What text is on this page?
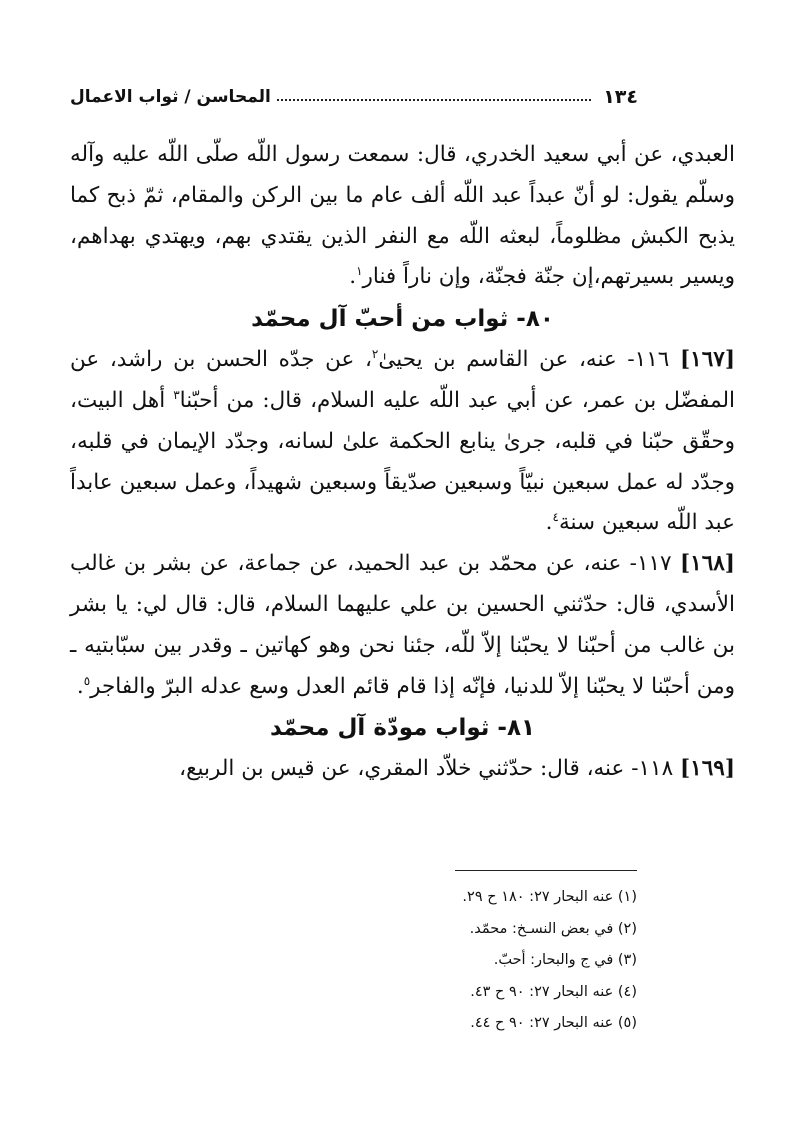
١٣٤
المحاسن / ثواب الاعمال

العبدي، عن أبي سعيد الخدري، قال: سمعت رسول اللّه صلّى اللّه عليه وآله وسلّم يقول: لو أنّ عبداً عبد اللّه ألف عام ما بين الركن والمقام، ثمّ ذبح كما يذبح الكبش مظلوماً، لبعثه اللّه مع النفر الذين يقتدي بهم، ويهتدي بهداهم، ويسير بسيرتهم،إن جنّة فجنّة، وإن ناراً فنار$^١$.

٨٠- ثواب من أحبّ آل محمّد

[١٦٧] ١١٦- عنه، عن القاسم بن يحيىٰ$^٢$، عن جدّه الحسن بن راشد، عن المفضّل بن عمر، عن أبي عبد اللّه عليه السلام، قال: من أحبّنا$^٣$ أهل البيت، وحقّق حبّنا في قلبه، جرىٰ ينابع الحكمة علىٰ لسانه، وجدّد الإيمان في قلبه، وجدّد له عمل سبعين نبيّاً وسبعين صدّيقاً وسبعين شهيداً، وعمل سبعين عابداً عبد اللّه سبعين سنة$^٤$.

[١٦٨] ١١٧- عنه، عن محمّد بن عبد الحميد، عن جماعة، عن بشر بن غالب الأسدي، قال: حدّثني الحسين بن علي عليهما السلام، قال: قال لي: يا بشر بن غالب من أحبّنا لا يحبّنا إلاّ للّه، جئنا نحن وهو كهاتين ـ وقدر بين سبّابتيه ـ ومن أحبّنا لا يحبّنا إلاّ للدنيا، فإنّه إذا قام قائم العدل وسع عدله البرّ والفاجر$^٥$.

٨١- ثواب مودّة آل محمّد

[١٦٩] ١١٨- عنه، قال: حدّثني خلاّد المقري، عن قيس بن الربيع،

(١) عنه البحار ٢٧: ١٨٠ ح ٢٩.
(٢) في بعض النسـخ: محمّد.
(٣) في ج والبحار: أحبّ.
(٤) عنه البحار ٢٧: ٩٠ ح ٤٣.
(٥) عنه البحار ٢٧: ٩٠ ح ٤٤.
